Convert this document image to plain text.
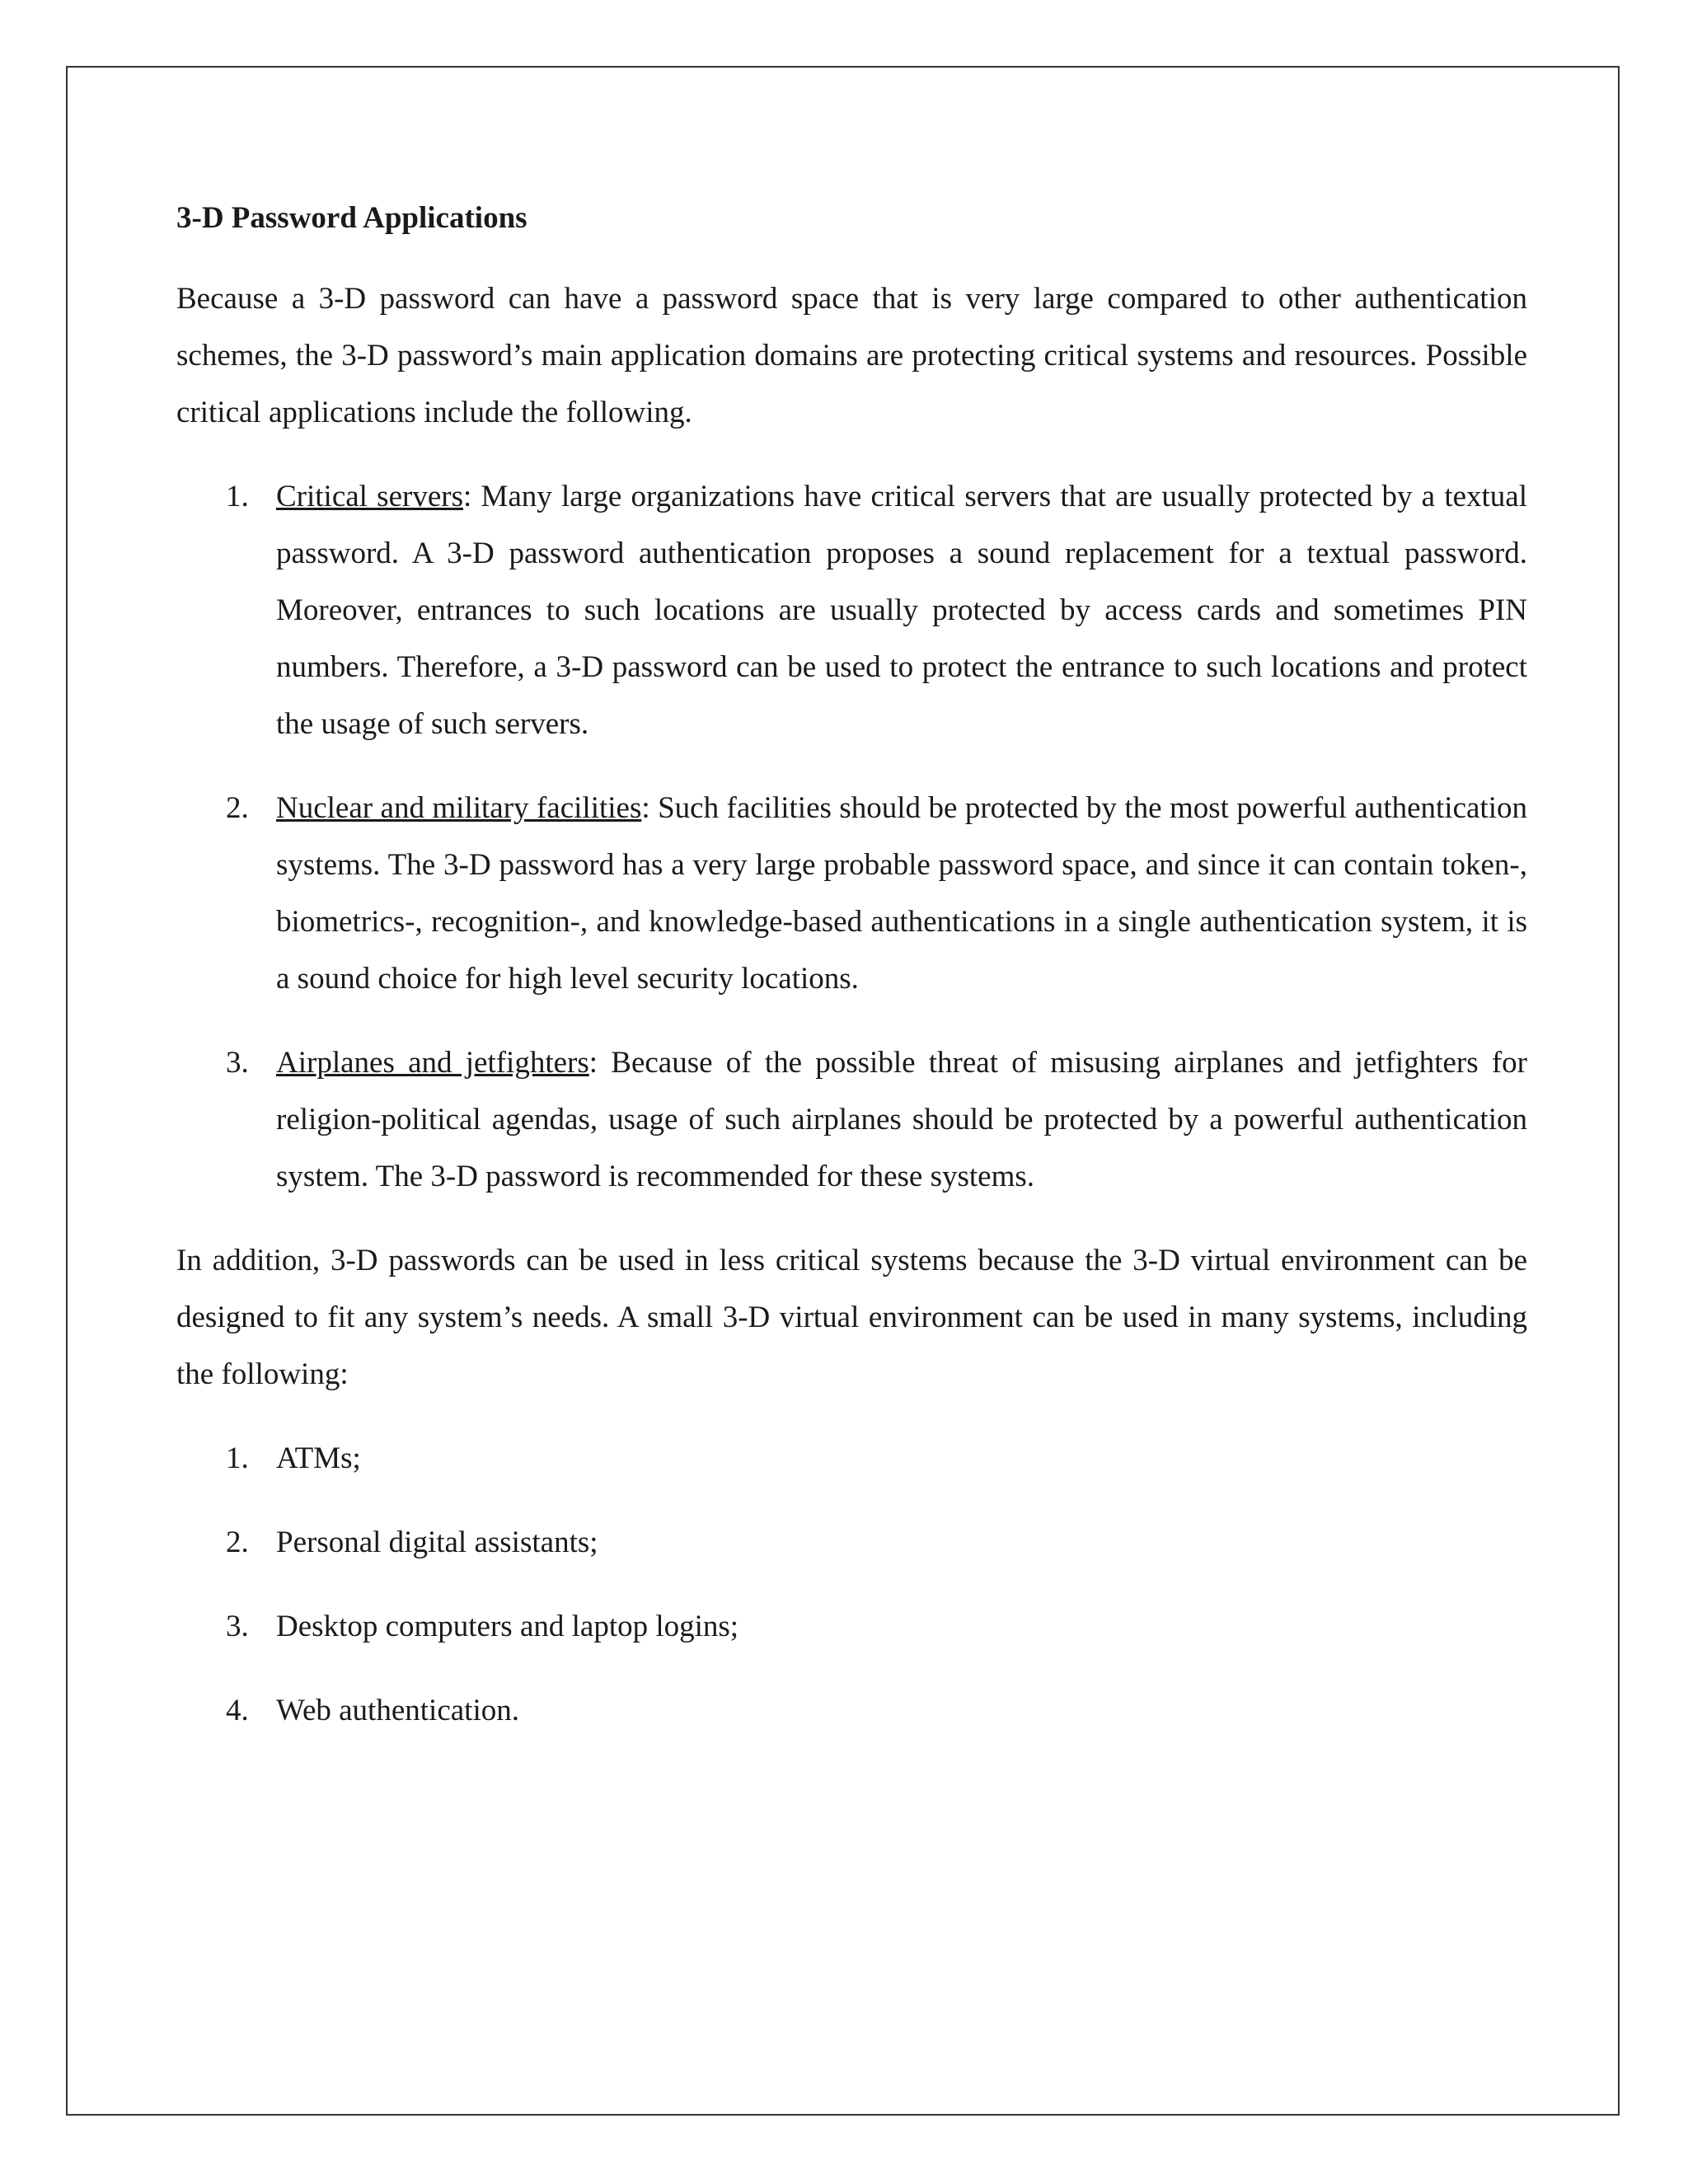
3-D Password Applications

Because a 3-D password can have a password space that is very large compared to other authentication schemes, the 3-D password’s main application domains are protecting critical systems and resources. Possible critical applications include the following.

1. Critical servers: Many large organizations have critical servers that are usually protected by a textual password. A 3-D password authentication proposes a sound replacement for a textual password. Moreover, entrances to such locations are usually protected by access cards and sometimes PIN numbers. Therefore, a 3-D password can be used to protect the entrance to such locations and protect the usage of such servers.
2. Nuclear and military facilities: Such facilities should be protected by the most powerful authentication systems. The 3-D password has a very large probable password space, and since it can contain token-, biometrics-, recognition-, and knowledge-based authentications in a single authentication system, it is a sound choice for high level security locations.
3. Airplanes and jetfighters: Because of the possible threat of misusing airplanes and jetfighters for religion-political agendas, usage of such airplanes should be protected by a powerful authentication system. The 3-D password is recommended for these systems.

In addition, 3-D passwords can be used in less critical systems because the 3-D virtual environment can be designed to fit any system’s needs. A small 3-D virtual environment can be used in many systems, including the following:

1. ATMs;
2. Personal digital assistants;
3. Desktop computers and laptop logins;
4. Web authentication.
